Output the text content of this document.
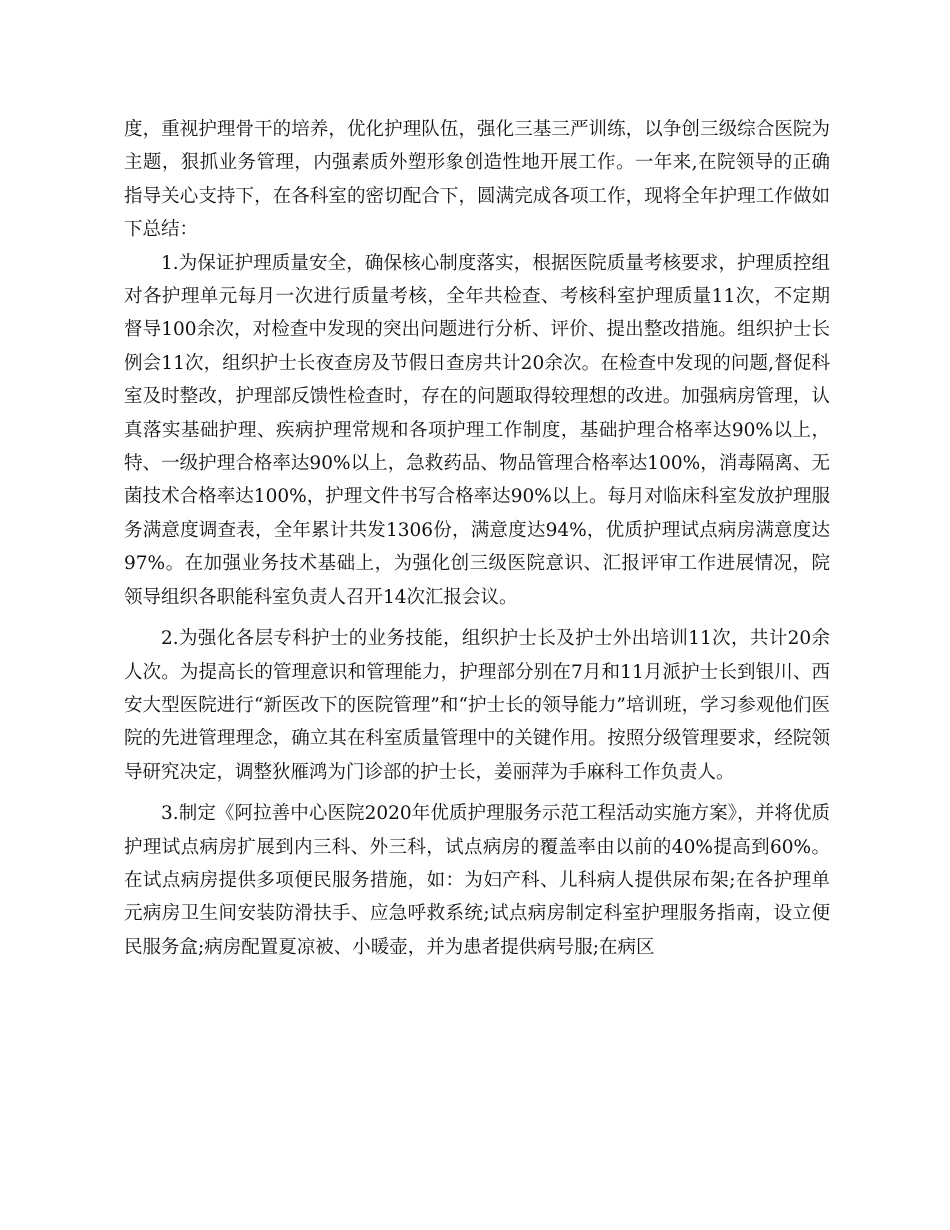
度，重视护理骨干的培养，优化护理队伍，强化三基三严训练，以争创三级综合医院为主题，狠抓业务管理，内强素质外塑形象创造性地开展工作。一年来,在院领导的正确指导关心支持下，在各科室的密切配合下，圆满完成各项工作，现将全年护理工作做如下总结：

1.为保证护理质量安全，确保核心制度落实，根据医院质量考核要求，护理质控组对各护理单元每月一次进行质量考核，全年共检查、考核科室护理质量11次，不定期督导100余次，对检查中发现的突出问题进行分析、评价、提出整改措施。组织护士长例会11次，组织护士长夜查房及节假日查房共计20余次。在检查中发现的问题,督促科室及时整改，护理部反馈性检查时，存在的问题取得较理想的改进。加强病房管理，认真落实基础护理、疾病护理常规和各项护理工作制度，基础护理合格率达90%以上，特、一级护理合格率达90%以上，急救药品、物品管理合格率达100%，消毒隔离、无菌技术合格率达100%，护理文件书写合格率达90%以上。每月对临床科室发放护理服务满意度调查表，全年累计共发1306份，满意度达94%，优质护理试点病房满意度达97%。在加强业务技术基础上，为强化创三级医院意识、汇报评审工作进展情况，院领导组织各职能科室负责人召开14次汇报会议。

2.为强化各层专科护士的业务技能，组织护士长及护士外出培训11次，共计20余人次。为提高长的管理意识和管理能力，护理部分别在7月和11月派护士长到银川、西安大型医院进行“新医改下的医院管理”和“护士长的领导能力”培训班，学习参观他们医院的先进管理理念，确立其在科室质量管理中的关键作用。按照分级管理要求，经院领导研究决定，调整狄雁鸿为门诊部的护士长，姜丽萍为手麻科工作负责人。

3.制定《阿拉善中心医院2020年优质护理服务示范工程活动实施方案》，并将优质护理试点病房扩展到内三科、外三科，试点病房的覆盖率由以前的40%提高到60%。在试点病房提供多项便民服务措施，如：为妇产科、儿科病人提供尿布架;在各护理单元病房卫生间安装防滑扶手、应急呼救系统;试点病房制定科室护理服务指南，设立便民服务盒;病房配置夏凉被、小暖壶，并为患者提供病号服;在病区
